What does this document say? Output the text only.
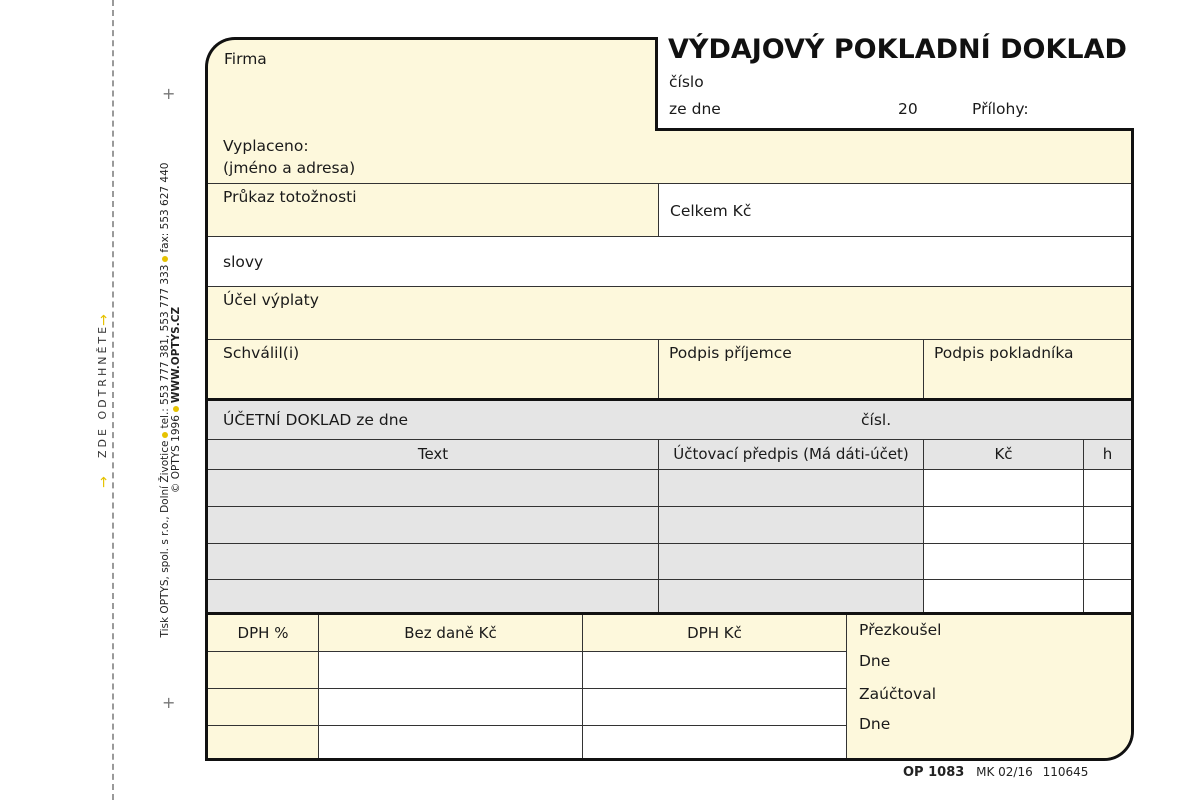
+
+
→
ZDE ODTRHNĚTE
→	Tisk OPTYS, spol. s r.o., Dolní Životicetel.: 553 777 381, 553 777 333fax: 553 627 440
© OPTYS 1996WWW.OPTYS.CZ
VÝDAJOVÝ POKLADNÍ DOKLAD
číslo
ze dne	20	Přílohy:
Firma
Vyplaceno:
(jméno a adresa)
Průkaz totožnosti
Celkem Kč
slovy
Účel výplaty
Schválil(i)	Podpis příjemce	Podpis pokladníka
ÚČETNÍ DOKLAD ze dne	čísl.
Text	Účtovací předpis (Má dáti-účet)	Kč	h
DPH %	Bez daně Kč	DPH Kč	Přezkoušel
Dne
Zaúčtoval
Dne
OP 1083 MK 02/16 110645
